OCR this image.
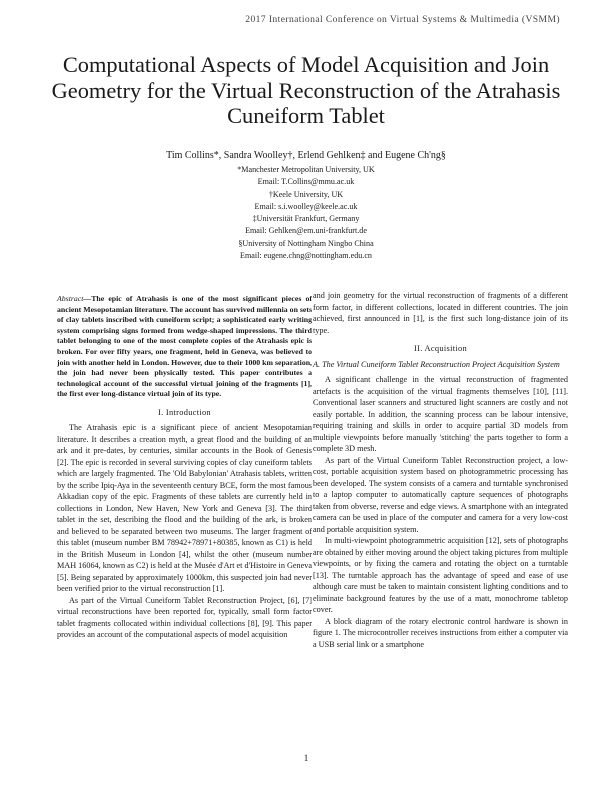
2017 International Conference on Virtual Systems & Multimedia (VSMM)
Computational Aspects of Model Acquisition and Join Geometry for the Virtual Reconstruction of the Atrahasis Cuneiform Tablet
Tim Collins*, Sandra Woolley†, Erlend Gehlken‡ and Eugene Ch'ng§
*Manchester Metropolitan University, UK
Email: T.Collins@mmu.ac.uk
†Keele University, UK
Email: s.i.woolley@keele.ac.uk
‡Universität Frankfurt, Germany
Email: Gehlken@em.uni-frankfurt.de
§University of Nottingham Ningbo China
Email: eugene.chng@nottingham.edu.cn

Abstract—The epic of Atrahasis is one of the most significant pieces of ancient Mesopotamian literature. The account has survived millennia on sets of clay tablets inscribed with cuneiform script; a sophisticated early writing system comprising signs formed from wedge-shaped impressions. The third tablet belonging to one of the most complete copies of the Atrahasis epic is broken. For over fifty years, one fragment, held in Geneva, was believed to join with another held in London. However, due to their 1000 km separation, the join had never been physically tested. This paper contributes a technological account of the successful virtual joining of the fragments [1], the first ever long-distance virtual join of its type.

I. Introduction

The Atrahasis epic is a significant piece of ancient Mesopotamian literature. It describes a creation myth, a great flood and the building of an ark and it pre-dates, by centuries, similar accounts in the Book of Genesis [2]. The epic is recorded in several surviving copies of clay cuneiform tablets which are largely fragmented. The 'Old Babylonian' Atrahasis tablets, written by the scribe Ipiq-Aya in the seventeenth century BCE, form the most famous Akkadian copy of the epic. Fragments of these tablets are currently held in collections in London, New Haven, New York and Geneva [3]. The third tablet in the set, describing the flood and the building of the ark, is broken and believed to be separated between two museums. The larger fragment of this tablet (museum number BM 78942+78971+80385, known as C1) is held in the British Museum in London [4], whilst the other (museum number MAH 16064, known as C2) is held at the Musée d'Art et d'Histoire in Geneva [5]. Being separated by approximately 1000km, this suspected join had never been verified prior to the virtual reconstruction [1].

As part of the Virtual Cuneiform Tablet Reconstruction Project, [6], [7] virtual reconstructions have been reported for, typically, small form factor tablet fragments collocated within individual collections [8], [9]. This paper provides an account of the computational aspects of model acquisition

and join geometry for the virtual reconstruction of fragments of a different form factor, in different collections, located in different countries. The join achieved, first announced in [1], is the first such long-distance join of its type.

II. Acquisition

A. The Virtual Cuneiform Tablet Reconstruction Project Acquisition System

A significant challenge in the virtual reconstruction of fragmented artefacts is the acquisition of the virtual fragments themselves [10], [11]. Conventional laser scanners and structured light scanners are costly and not easily portable. In addition, the scanning process can be labour intensive, requiring training and skills in order to acquire partial 3D models from multiple viewpoints before manually 'stitching' the parts together to form a complete 3D mesh.

As part of the Virtual Cuneiform Tablet Reconstruction project, a low-cost, portable acquisition system based on photogrammetric processing has been developed. The system consists of a camera and turntable synchronised to a laptop computer to automatically capture sequences of photographs taken from obverse, reverse and edge views. A smartphone with an integrated camera can be used in place of the computer and camera for a very low-cost and portable acquisition system.

In multi-viewpoint photogrammetric acquisition [12], sets of photographs are obtained by either moving around the object taking pictures from multiple viewpoints, or by fixing the camera and rotating the object on a turntable [13]. The turntable approach has the advantage of speed and ease of use although care must be taken to maintain consistent lighting conditions and to eliminate background features by the use of a matt, monochrome tabletop cover.

A block diagram of the rotary electronic control hardware is shown in figure 1. The microcontroller receives instructions from either a computer via a USB serial link or a smartphone

1
